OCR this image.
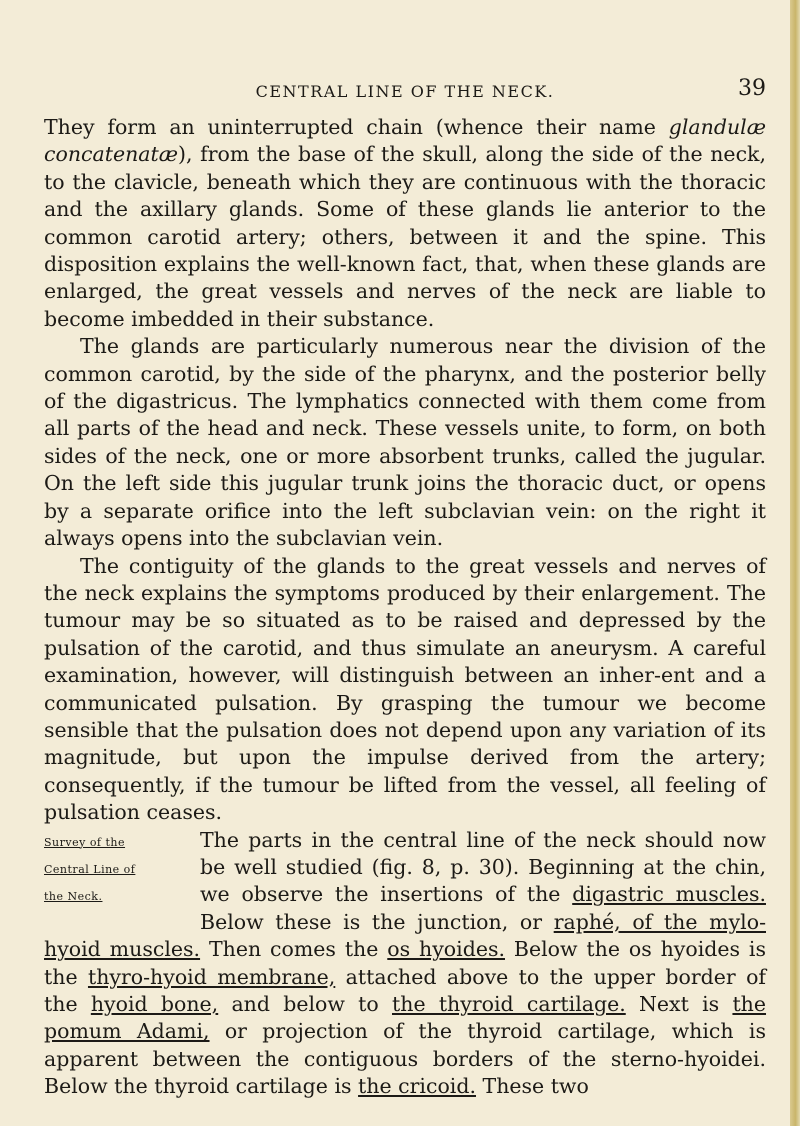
CENTRAL LINE OF THE NECK.	39

They form an uninterrupted chain (whence their name glandulæ concatenatæ), from the base of the skull, along the side of the neck, to the clavicle, beneath which they are continuous with the thoracic and the axillary glands. Some of these glands lie anterior to the common carotid artery; others, between it and the spine. This disposition explains the well-known fact, that, when these glands are enlarged, the great vessels and nerves of the neck are liable to become imbedded in their substance.

The glands are particularly numerous near the division of the common carotid, by the side of the pharynx, and the posterior belly of the digastricus. The lymphatics connected with them come from all parts of the head and neck. These vessels unite, to form, on both sides of the neck, one or more absorbent trunks, called the jugular. On the left side this jugular trunk joins the thoracic duct, or opens by a separate orifice into the left subclavian vein: on the right it always opens into the subclavian vein.

The contiguity of the glands to the great vessels and nerves of the neck explains the symptoms produced by their enlargement. The tumour may be so situated as to be raised and depressed by the pulsation of the carotid, and thus simulate an aneurysm. A careful examination, however, will distinguish between an inher-ent and a communicated pulsation. By grasping the tumour we become sensible that the pulsation does not depend upon any variation of its magnitude, but upon the impulse derived from the artery; consequently, if the tumour be lifted from the vessel, all feeling of pulsation ceases.

Survey of the
Central Line of
the Neck.
The parts in the central line of the neck should now be well studied (fig. 8, p. 30). Beginning at the chin, we observe the insertions of the digastric muscles. Below these is the junction, or raphé, of the mylo-hyoid muscles. Then comes the os hyoides. Below the os hyoides is the thyro-hyoid membrane, attached above to the upper border of the hyoid bone, and below to the thyroid cartilage. Next is the pomum Adami, or projection of the thyroid cartilage, which is apparent between the contiguous borders of the sterno-hyoidei. Below the thyroid cartilage is the cricoid. These two
